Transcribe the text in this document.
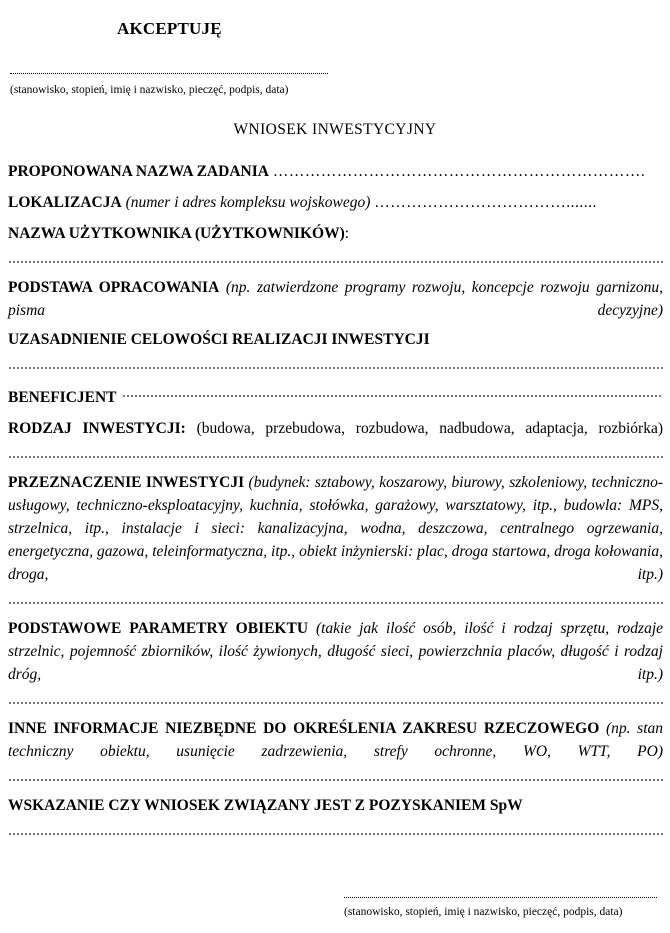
AKCEPTUJĘ
(stanowisko, stopień, imię i nazwisko, pieczęć, podpis, data)
WNIOSEK INWESTYCYJNY
PROPONOWANA NAZWA ZADANIA …………………………………………………………….
LOKALIZACJA (numer i adres kompleksu wojskowego) ……………………………….......
NAZWA UŻYTKOWNIKA (UŻYTKOWNIKÓW):
PODSTAWA OPRACOWANIA (np. zatwierdzone programy rozwoju, koncepcje rozwoju garnizonu, pisma decyzyjne)
UZASADNIENIE CELOWOŚCI REALIZACJI INWESTYCJI
BENEFICJENT
RODZAJ INWESTYCJI: (budowa, przebudowa, rozbudowa, nadbudowa, adaptacja, rozbiórka)
PRZEZNACZENIE INWESTYCJI (budynek: sztabowy, koszarowy, biurowy, szkoleniowy, techniczno-usługowy, techniczno-eksploatacyjny, kuchnia, stołówka, garażowy, warsztatowy, itp., budowla: MPS, strzelnica, itp., instalacje i sieci: kanalizacyjna, wodna, deszczowa, centralnego ogrzewania, energetyczna, gazowa, teleinformatyczna, itp., obiekt inżynierski: plac, droga startowa, droga kołowania, droga, itp.)
PODSTAWOWE PARAMETRY OBIEKTU (takie jak ilość osób, ilość i rodzaj sprzętu, rodzaje strzelnic, pojemność zbiorników, ilość żywionych, długość sieci, powierzchnia placów, długość i rodzaj dróg, itp.)
INNE INFORMACJE NIEZBĘDNE DO OKREŚLENIA ZAKRESU RZECZOWEGO (np. stan techniczny obiektu, usunięcie zadrzewienia, strefy ochronne, WO, WTT, PO)
WSKAZANIE CZY WNIOSEK ZWIĄZANY JEST Z POZYSKANIEM SpW
(stanowisko, stopień, imię i nazwisko, pieczęć, podpis, data)
